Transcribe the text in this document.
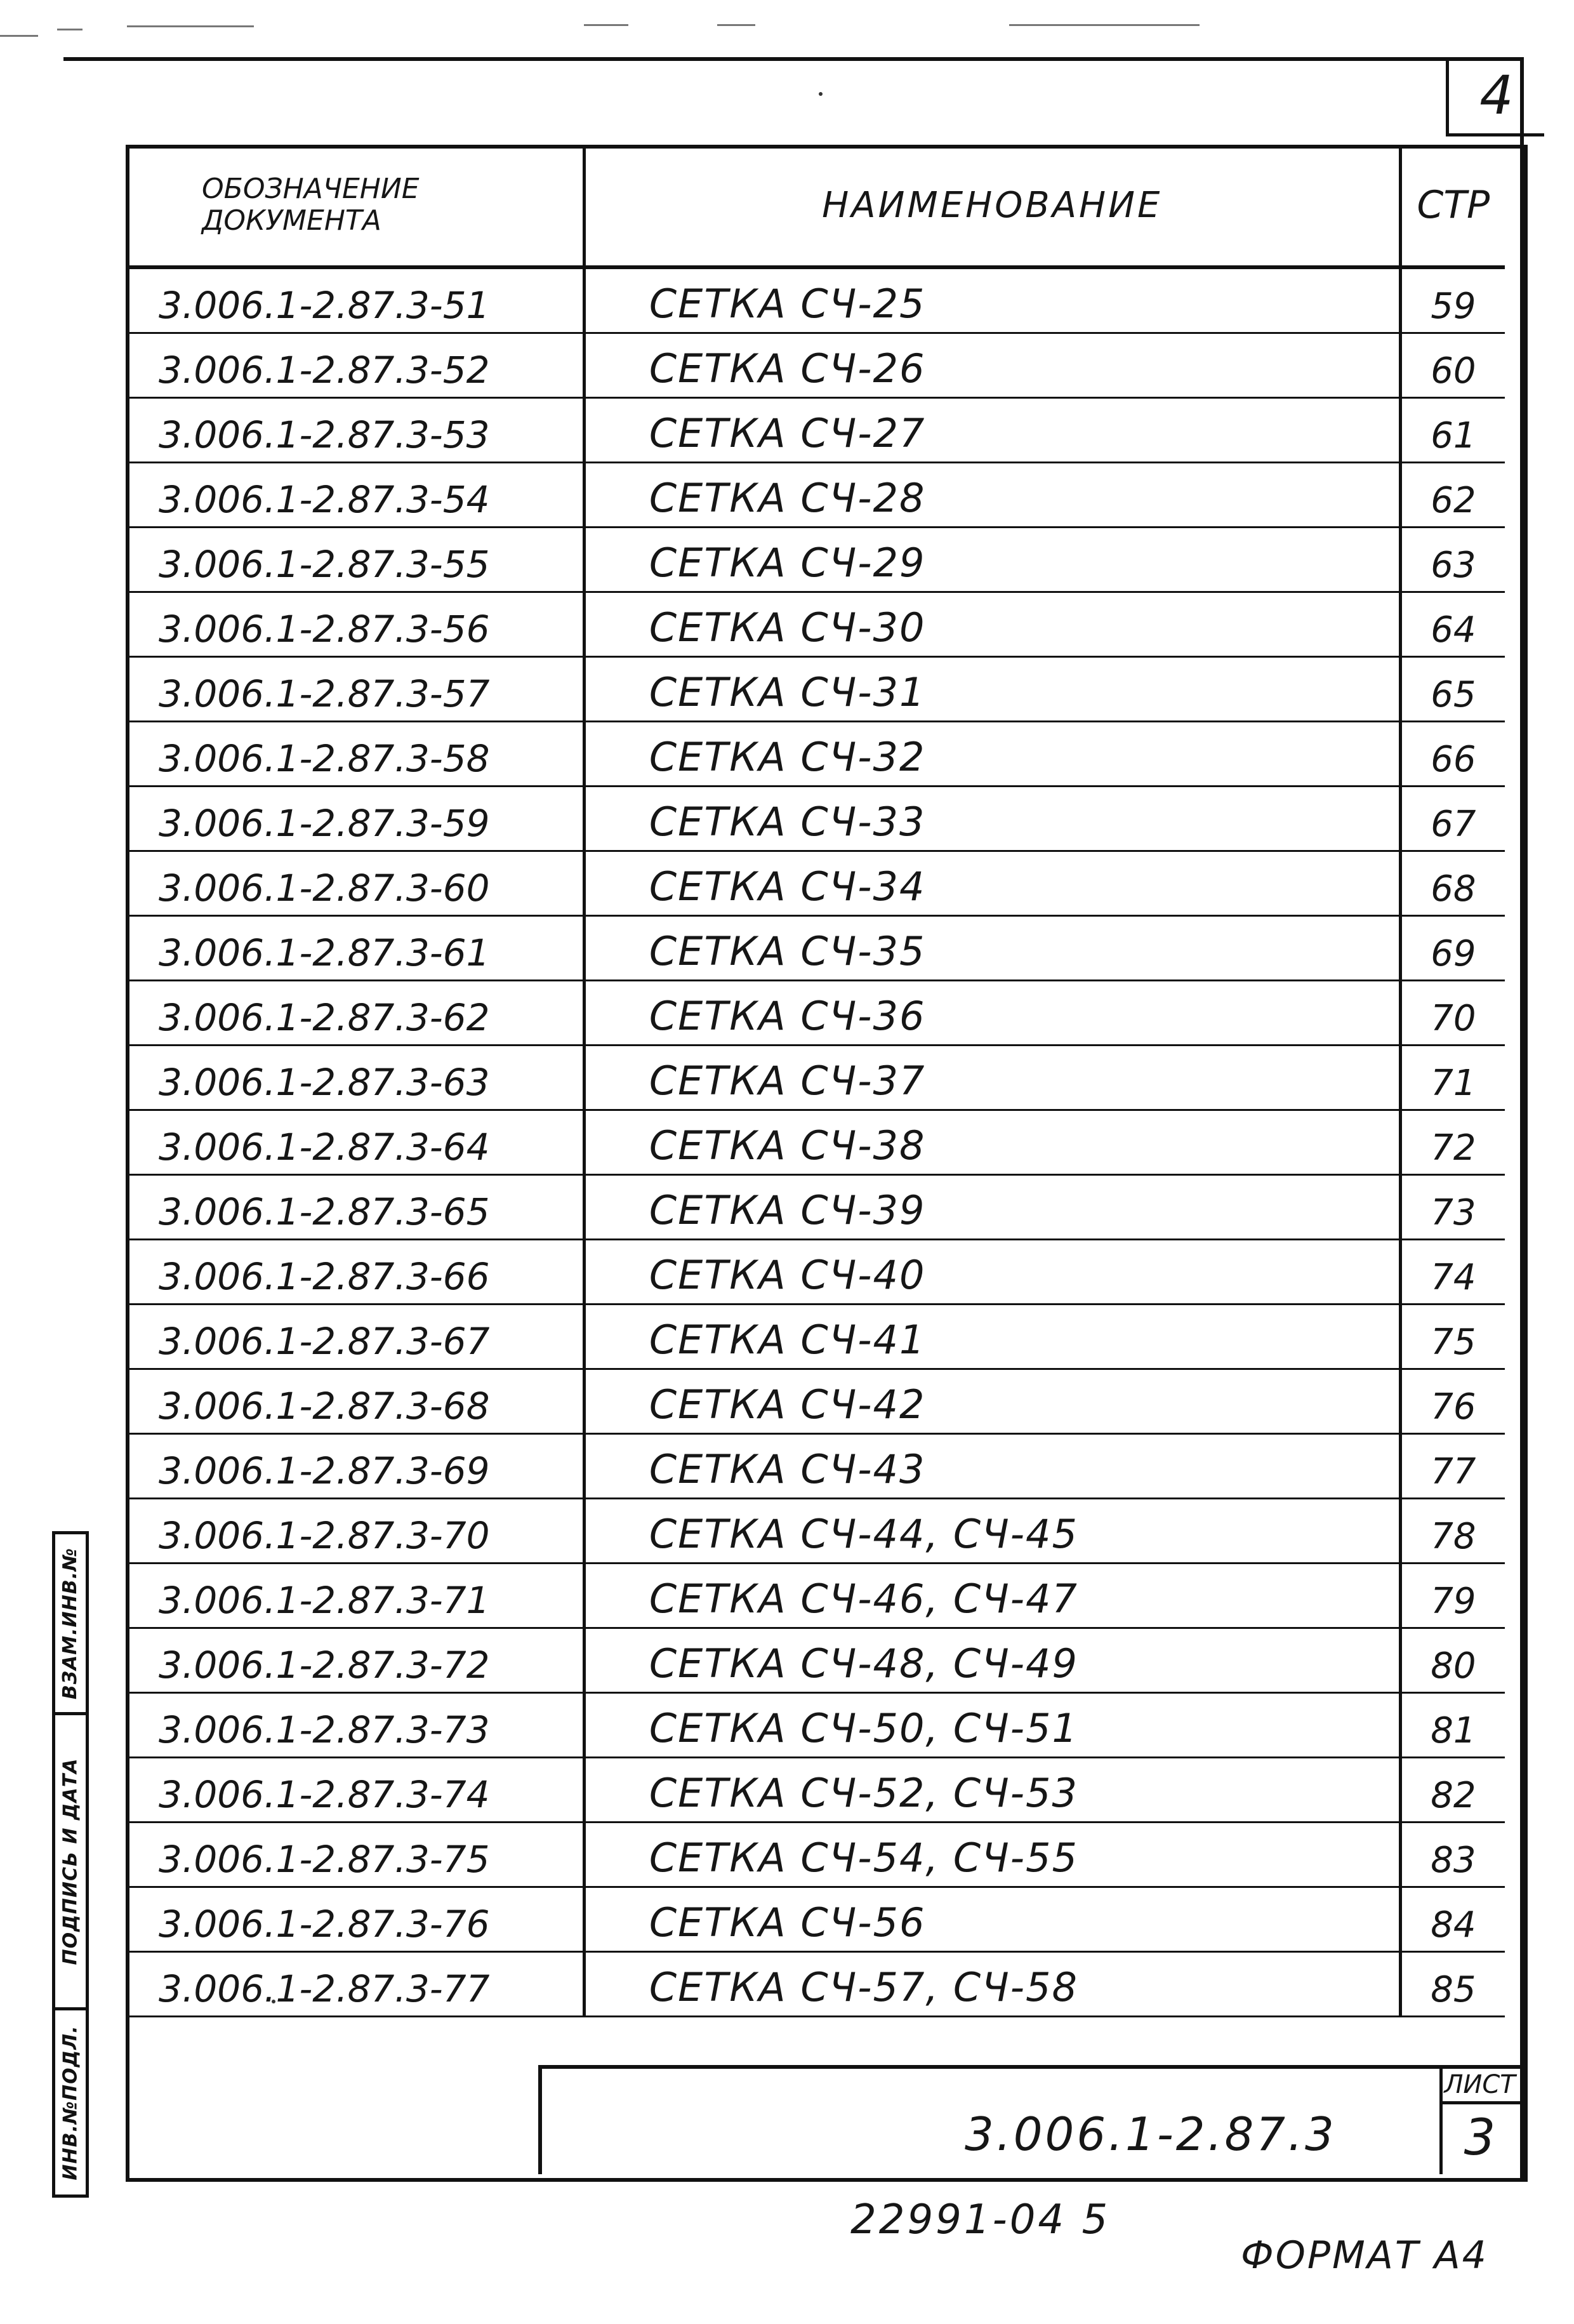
4
ОБОЗНАЧЕНИЕ
ДОКУМЕНТА	НАИМЕНОВАНИЕ	СТР
3.006.1-2.87.3-51	СЕТКА СЧ-25	59
3.006.1-2.87.3-52	СЕТКА СЧ-26	60
3.006.1-2.87.3-53	СЕТКА СЧ-27	61
3.006.1-2.87.3-54	СЕТКА СЧ-28	62
3.006.1-2.87.3-55	СЕТКА СЧ-29	63
3.006.1-2.87.3-56	СЕТКА СЧ-30	64
3.006.1-2.87.3-57	СЕТКА СЧ-31	65
3.006.1-2.87.3-58	СЕТКА СЧ-32	66
3.006.1-2.87.3-59	СЕТКА СЧ-33	67
3.006.1-2.87.3-60	СЕТКА СЧ-34	68
3.006.1-2.87.3-61	СЕТКА СЧ-35	69
3.006.1-2.87.3-62	СЕТКА СЧ-36	70
3.006.1-2.87.3-63	СЕТКА СЧ-37	71
3.006.1-2.87.3-64	СЕТКА СЧ-38	72
3.006.1-2.87.3-65	СЕТКА СЧ-39	73
3.006.1-2.87.3-66	СЕТКА СЧ-40	74
3.006.1-2.87.3-67	СЕТКА СЧ-41	75
3.006.1-2.87.3-68	СЕТКА СЧ-42	76
3.006.1-2.87.3-69	СЕТКА СЧ-43	77
3.006.1-2.87.3-70	СЕТКА СЧ-44, СЧ-45	78
3.006.1-2.87.3-71	СЕТКА СЧ-46, СЧ-47	79
3.006.1-2.87.3-72	СЕТКА СЧ-48, СЧ-49	80
3.006.1-2.87.3-73	СЕТКА СЧ-50, СЧ-51	81
3.006.1-2.87.3-74	СЕТКА СЧ-52, СЧ-53	82
3.006.1-2.87.3-75	СЕТКА СЧ-54, СЧ-55	83
3.006.1-2.87.3-76	СЕТКА СЧ-56	84
3.006.1-2.87.3-77	СЕТКА СЧ-57, СЧ-58	85
ЛИСТ
3
3.006.1-2.87.3
ВЗАМ.ИНВ.№
ПОДПИСЬ И ДАТА
ИНВ.№ПОДЛ.
22991-04 5
ФОРМАТ А4
